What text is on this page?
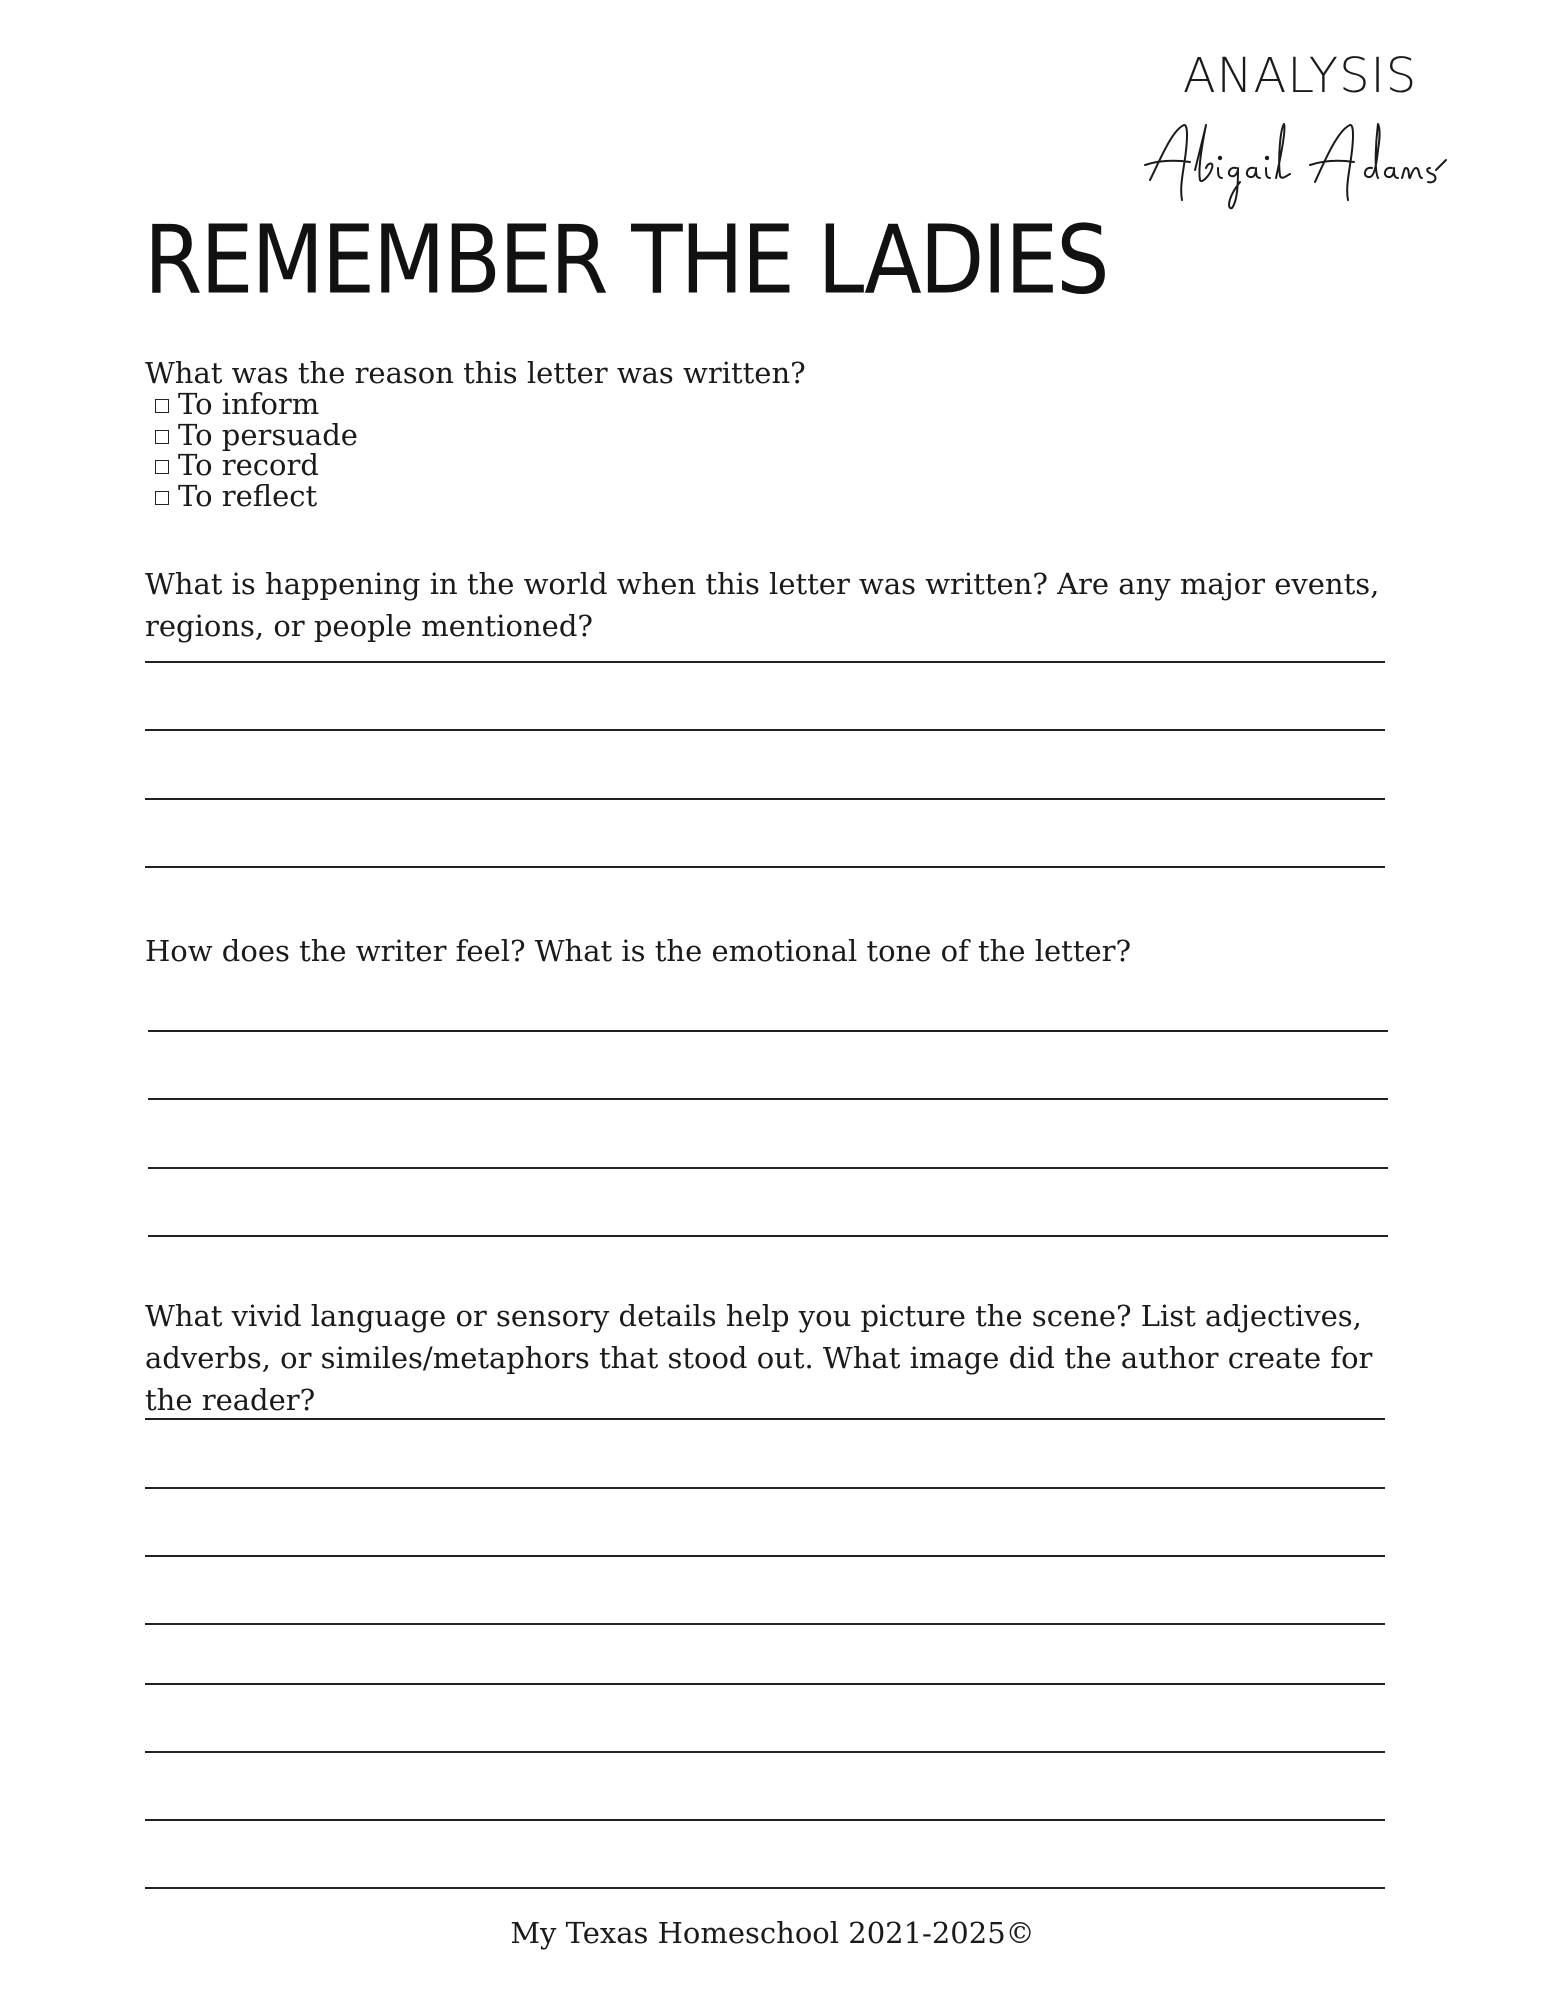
ANALYSIS
REMEMBER THE LADIES

What was the reason this letter was written?

To inform
To persuade
To record
To reflect

What is happening in the world when this letter was written? Are any major events, regions, or people mentioned?

How does the writer feel? What is the emotional tone of the letter?

What vivid language or sensory details help you picture the scene? List adjectives, adverbs, or similes/metaphors that stood out. What image did the author create for the reader?

My Texas Homeschool 2021-2025©
